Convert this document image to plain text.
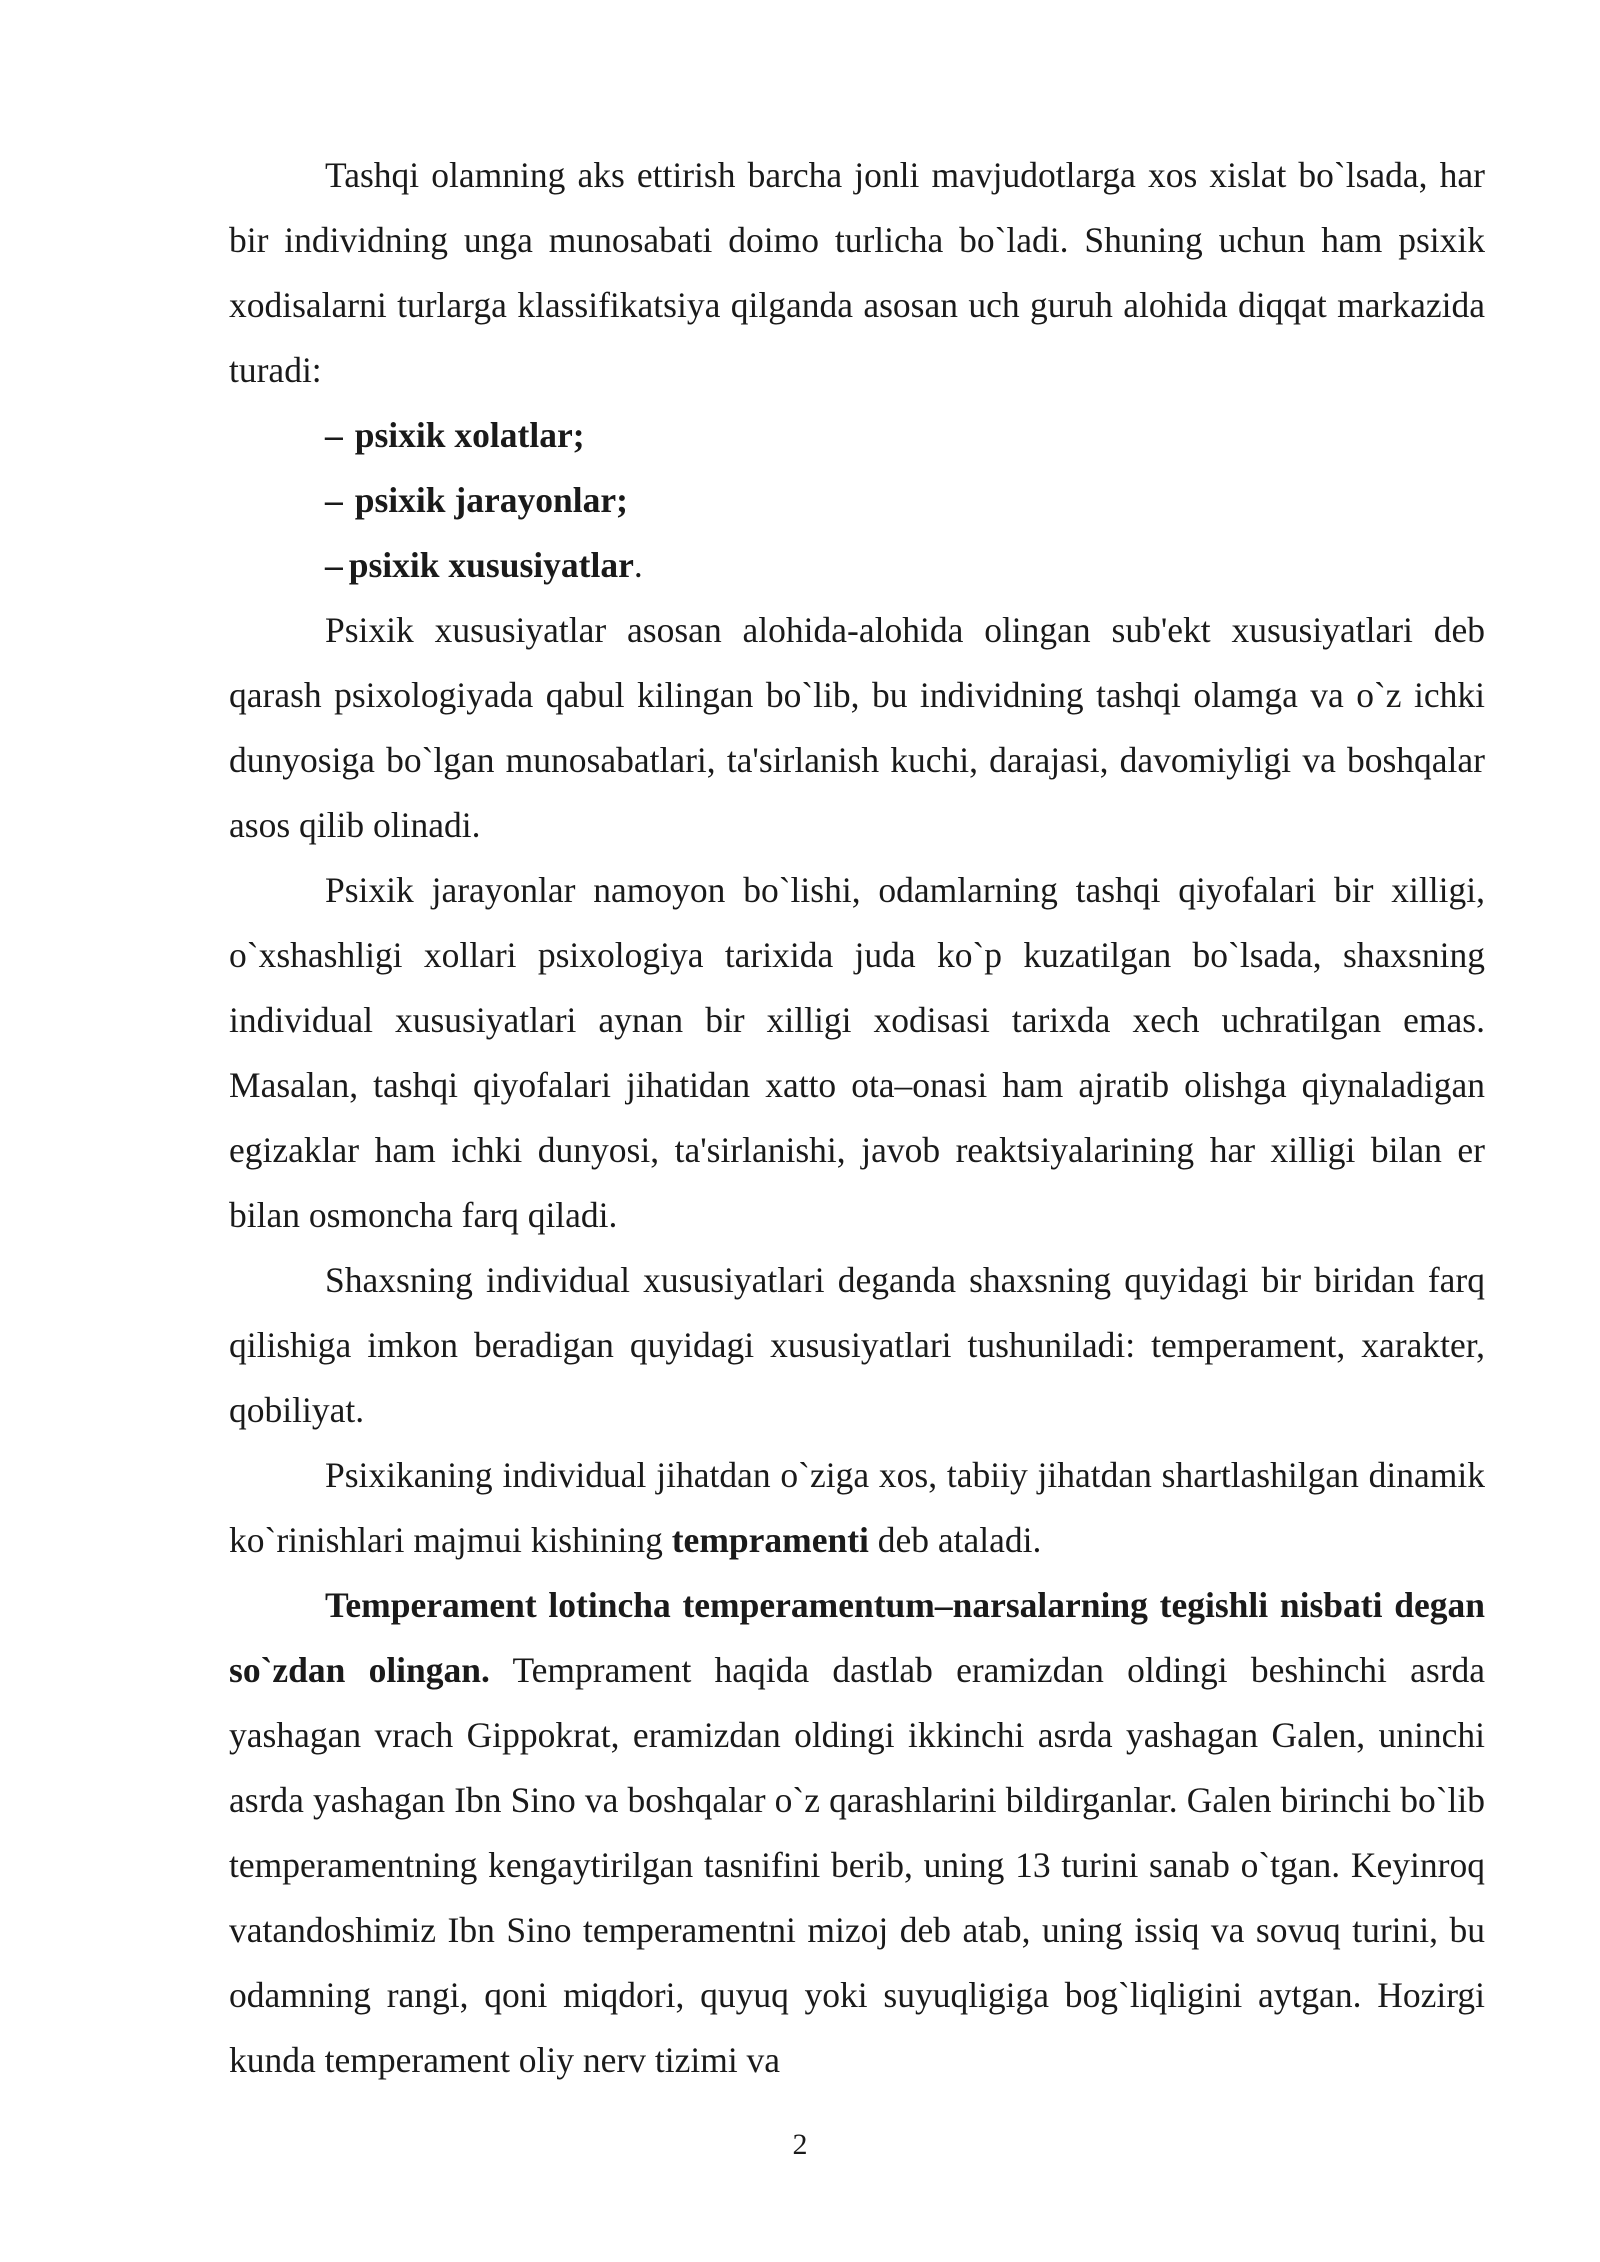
Tashqi olamning aks ettirish barcha jonli mavjudotlarga xos xislat bo`lsada, har bir individning unga munosabati doimo turlicha bo`ladi. Shuning uchun ham psixik xodisalarni turlarga klassifikatsiya qilganda asosan uch guruh alohida diqqat markazida turadi:

– psixik xolatlar;

– psixik jarayonlar;

– psixik xususiyatlar.

Psixik xususiyatlar asosan alohida-alohida olingan sub'ekt xususiyatlari deb qarash psixologiyada qabul kilingan bo`lib, bu individning tashqi olamga va o`z ichki dunyosiga bo`lgan munosabatlari, ta'sirlanish kuchi, darajasi, davomiyligi va boshqalar asos qilib olinadi.

Psixik jarayonlar namoyon bo`lishi, odamlarning tashqi qiyofalari bir xilligi, o`xshashligi xollari psixologiya tarixida juda ko`p kuzatilgan bo`lsada, shaxsning individual xususiyatlari aynan bir xilligi xodisasi tarixda xech uchratilgan emas. Masalan, tashqi qiyofalari jihatidan xatto ota–onasi ham ajratib olishga qiynaladigan egizaklar ham ichki dunyosi, ta'sirlanishi, javob reaktsiyalarining har xilligi bilan er bilan osmoncha farq qiladi.

Shaxsning individual xususiyatlari deganda shaxsning quyidagi bir biridan farq qilishiga imkon beradigan quyidagi xususiyatlari tushuniladi: temperament, xarakter, qobiliyat.

Psixikaning individual jihatdan o`ziga xos, tabiiy jihatdan shartlashilgan dinamik ko`rinishlari majmui kishining tempramenti deb ataladi.

Temperament lotincha temperamentum–narsalarning tegishli nisbati degan so`zdan olingan. Temprament haqida dastlab eramizdan oldingi beshinchi asrda yashagan vrach Gippokrat, eramizdan oldingi ikkinchi asrda yashagan Galen, uninchi asrda yashagan Ibn Sino va boshqalar o`z qarashlarini bildirganlar. Galen birinchi bo`lib temperamentning kengaytirilgan tasnifini berib, uning 13 turini sanab o`tgan. Keyinroq vatandoshimiz Ibn Sino temperamentni mizoj deb atab, uning issiq va sovuq turini, bu odamning rangi, qoni miqdori, quyuq yoki suyuqligiga bog`liqligini aytgan. Hozirgi kunda temperament oliy nerv tizimi va

2
